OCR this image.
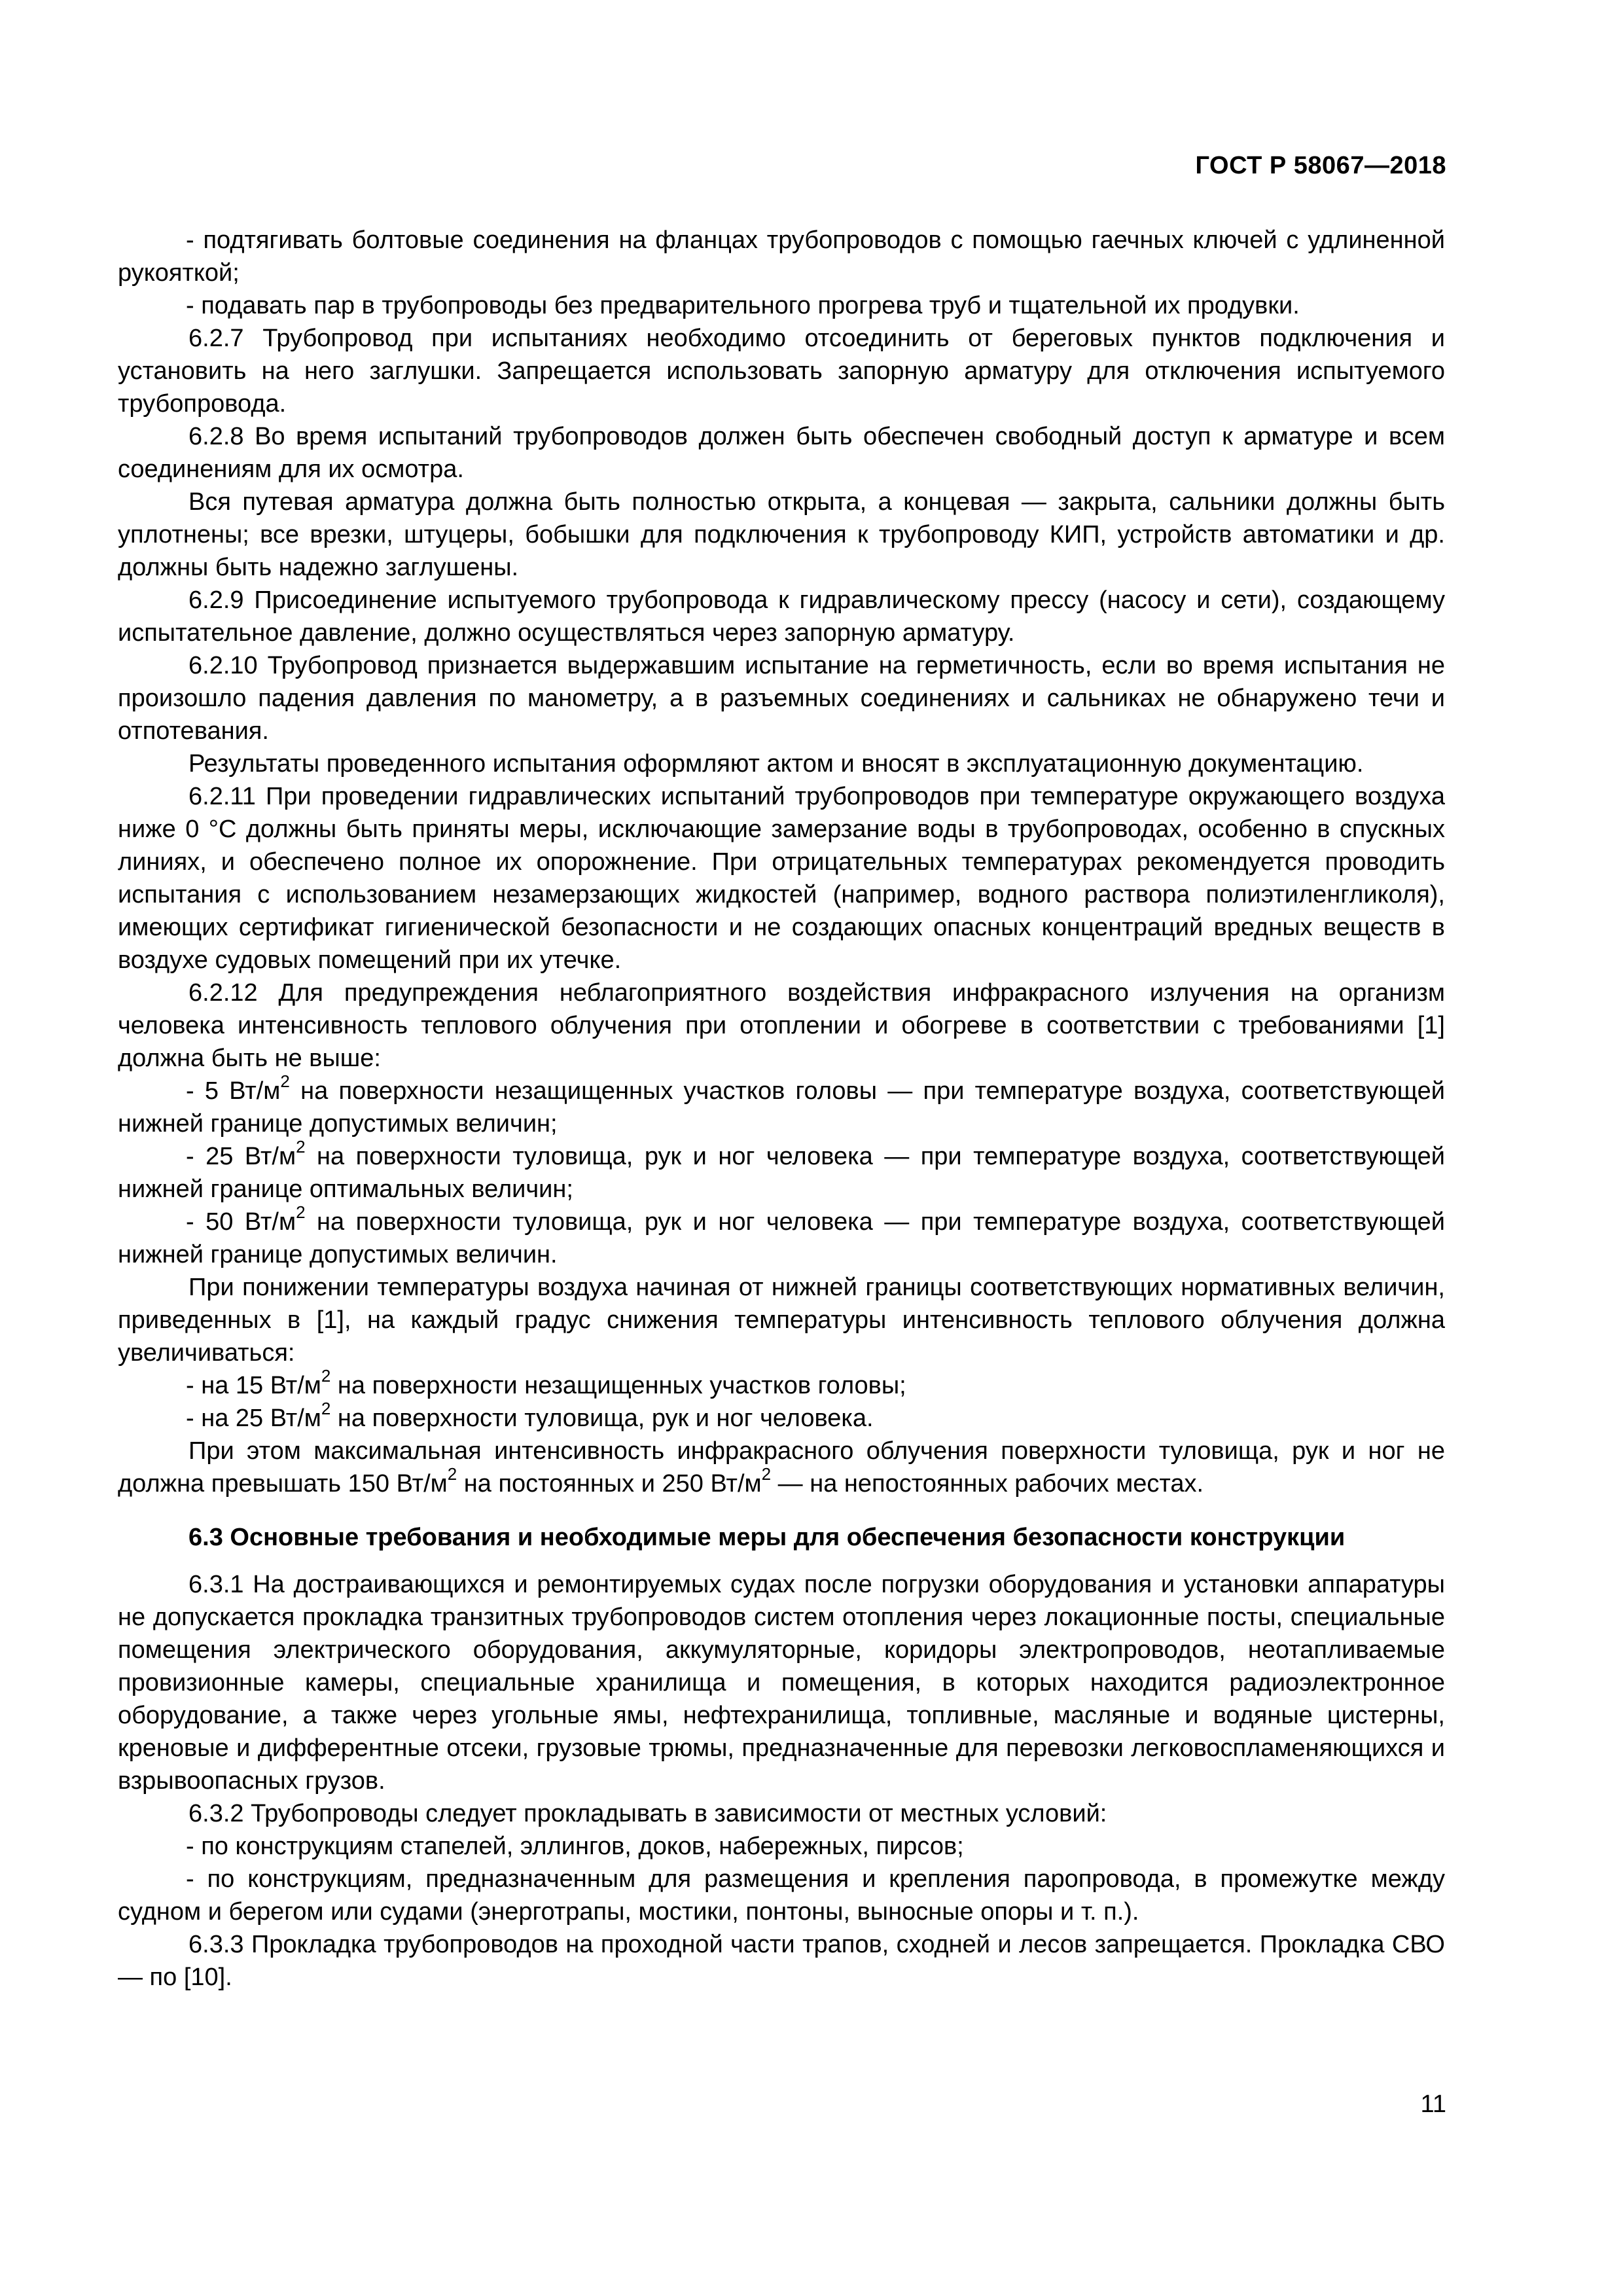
ГОСТ Р 58067—2018

- подтягивать болтовые соединения на фланцах трубопроводов с помощью гаечных ключей с удлиненной рукояткой;

- подавать пар в трубопроводы без предварительного прогрева труб и тщательной их продувки.

6.2.7 Трубопровод при испытаниях необходимо отсоединить от береговых пунктов подключения и установить на него заглушки. Запрещается использовать запорную арматуру для отключения испытуемого трубопровода.

6.2.8 Во время испытаний трубопроводов должен быть обеспечен свободный доступ к арматуре и всем соединениям для их осмотра.

Вся путевая арматура должна быть полностью открыта, а концевая — закрыта, сальники должны быть уплотнены; все врезки, штуцеры, бобышки для подключения к трубопроводу КИП, устройств автоматики и др. должны быть надежно заглушены.

6.2.9 Присоединение испытуемого трубопровода к гидравлическому прессу (насосу и сети), создающему испытательное давление, должно осуществляться через запорную арматуру.

6.2.10 Трубопровод признается выдержавшим испытание на герметичность, если во время испытания не произошло падения давления по манометру, а в разъемных соединениях и сальниках не обнаружено течи и отпотевания.

Результаты проведенного испытания оформляют актом и вносят в эксплуатационную документацию.

6.2.11 При проведении гидравлических испытаний трубопроводов при температуре окружающего воздуха ниже 0 °С должны быть приняты меры, исключающие замерзание воды в трубопроводах, особенно в спускных линиях, и обеспечено полное их опорожнение. При отрицательных температурах рекомендуется проводить испытания с использованием незамерзающих жидкостей (например, водного раствора полиэтиленгликоля), имеющих сертификат гигиенической безопасности и не создающих опасных концентраций вредных веществ в воздухе судовых помещений при их утечке.

6.2.12 Для предупреждения неблагоприятного воздействия инфракрасного излучения на организм человека интенсивность теплового облучения при отоплении и обогреве в соответствии с требованиями [1] должна быть не выше:

- 5 $Вт/м^2$ на поверхности незащищенных участков головы — при температуре воздуха, соответствующей нижней границе допустимых величин;

- 25 $Вт/м^2$ на поверхности туловища, рук и ног человека — при температуре воздуха, соответствующей нижней границе оптимальных величин;

- 50 $Вт/м^2$ на поверхности туловища, рук и ног человека — при температуре воздуха, соответствующей нижней границе допустимых величин.

При понижении температуры воздуха начиная от нижней границы соответствующих нормативных величин, приведенных в [1], на каждый градус снижения температуры интенсивность теплового облучения должна увеличиваться:

- на 15 $Вт/м^2$ на поверхности незащищенных участков головы;

- на 25 $Вт/м^2$ на поверхности туловища, рук и ног человека.

При этом максимальная интенсивность инфракрасного облучения поверхности туловища, рук и ног не должна превышать 150 $Вт/м^2$ на постоянных и 250 $Вт/м^2$ — на непостоянных рабочих местах.

6.3 Основные требования и необходимые меры для обеспечения безопасности конструкции

6.3.1 На достраивающихся и ремонтируемых судах после погрузки оборудования и установки аппаратуры не допускается прокладка транзитных трубопроводов систем отопления через локационные посты, специальные помещения электрического оборудования, аккумуляторные, коридоры электропроводов, неотапливаемые провизионные камеры, специальные хранилища и помещения, в которых находится радиоэлектронное оборудование, а также через угольные ямы, нефтехранилища, топливные, масляные и водяные цистерны, креновые и дифферентные отсеки, грузовые трюмы, предназначенные для перевозки легковоспламеняющихся и взрывоопасных грузов.

6.3.2 Трубопроводы следует прокладывать в зависимости от местных условий:

- по конструкциям стапелей, эллингов, доков, набережных, пирсов;

- по конструкциям, предназначенным для размещения и крепления паропровода, в промежутке между судном и берегом или судами (энерготрапы, мостики, понтоны, выносные опоры и т. п.).

6.3.3 Прокладка трубопроводов на проходной части трапов, сходней и лесов запрещается. Прокладка СВО — по [10].

11
